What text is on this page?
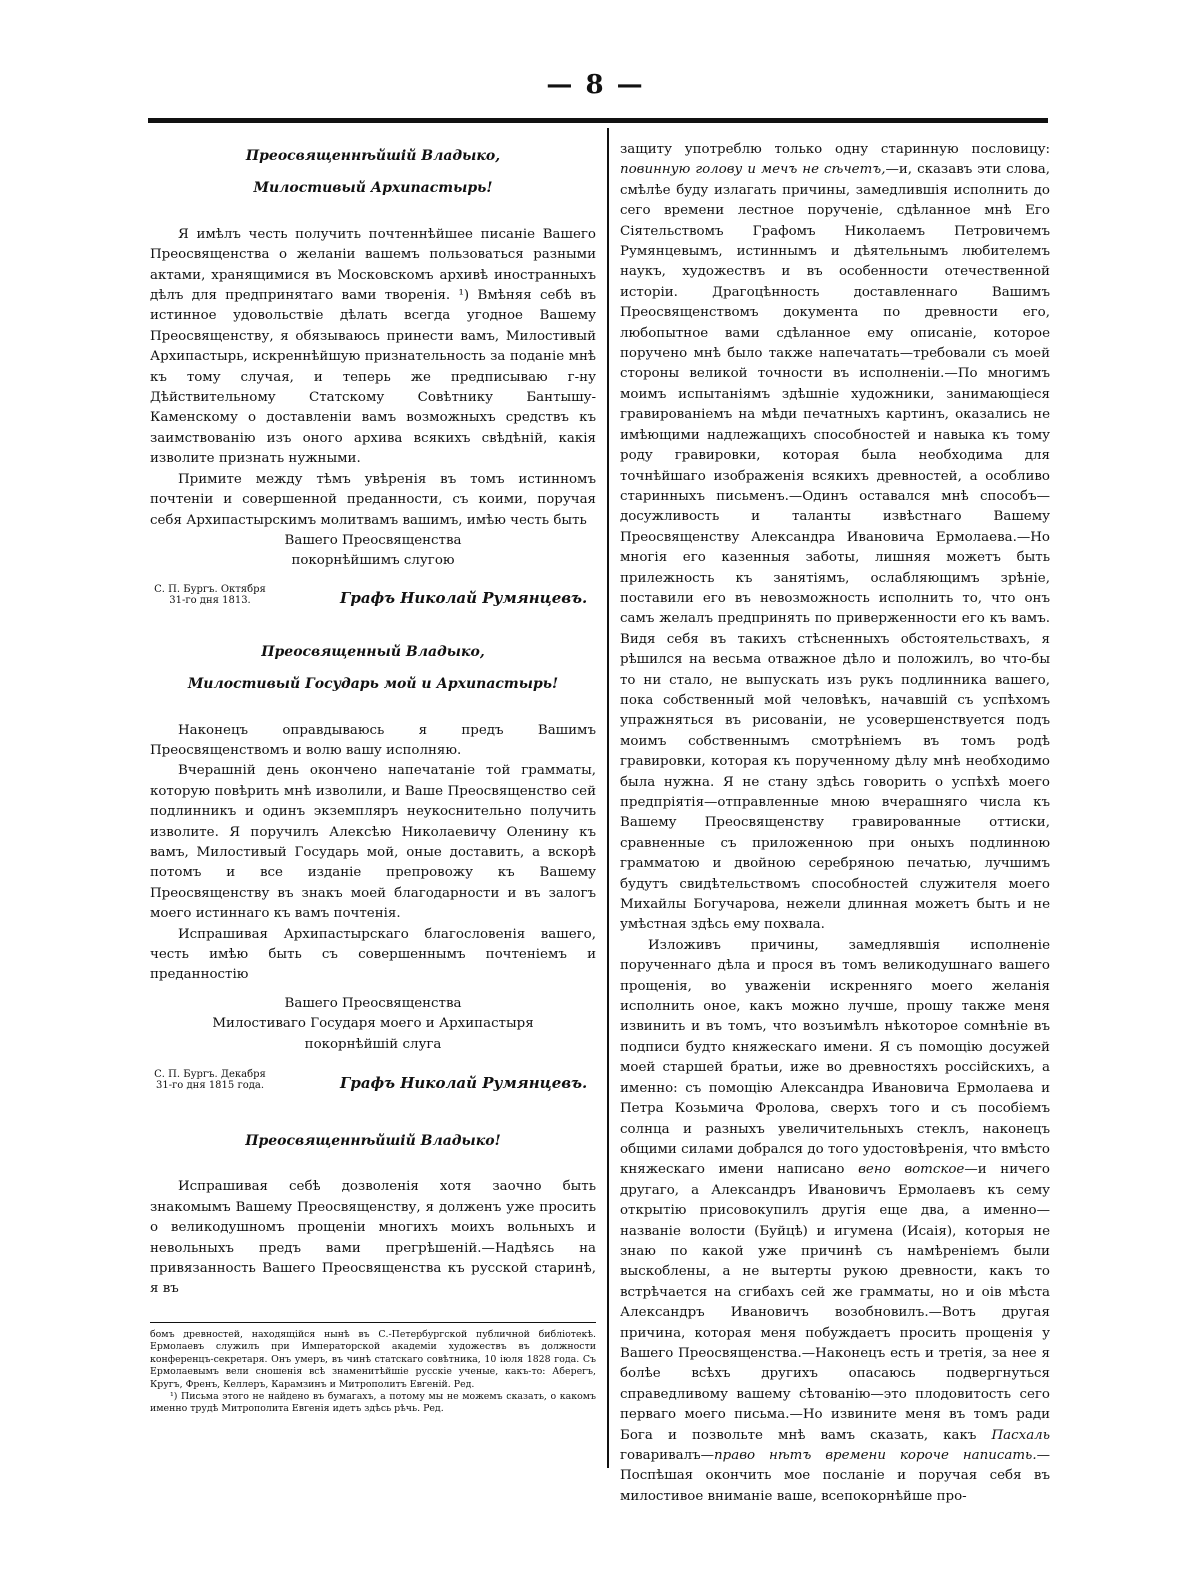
— 8 —
Преосвященнѣйшій Владыко,
Милостивый Архипастырь!

Я имѣлъ честь получить почтеннѣйшее писаніе Вашего Преосвященства о желаніи вашемъ пользоваться разными актами, хранящимися въ Московскомъ архивѣ иностранныхъ дѣлъ для предпринятаго вами творенія. ¹) Вмѣняя себѣ въ истинное удовольствіе дѣлать всегда угодное Вашему Преосвященству, я обязываюсь принести вамъ, Милостивый Архипастырь, искреннѣйшую признательность за поданіе мнѣ къ тому случая, и теперь же предписываю г-ну Дѣйствительному Статскому Совѣтнику Бантышу-Каменскому о доставленіи вамъ возможныхъ средствъ къ заимствованію изъ оного архива всякихъ свѣдѣній, какія изволите признать нужными.

Примите между тѣмъ увѣренія въ томъ истинномъ почтеніи и совершенной преданности, съ коими, поручая себя Архипастырскимъ молитвамъ вашимъ, имѣю честь быть

Вашего Преосвященства
покорнѣйшимъ слугою
С. П. Бургъ. Октября 31-го дня 1813.	Графъ Николай Румянцевъ.
Преосвященный Владыко,
Милостивый Государь мой и Архипастырь!

Наконецъ оправдываюсь я предъ Вашимъ Преосвященствомъ и волю вашу исполняю.

Вчерашній день окончено напечатаніе той грамматы, которую повѣрить мнѣ изволили, и Ваше Преосвященство сей подлинникъ и одинъ экземпляръ неукоснительно получить изволите. Я поручилъ Алексѣю Николаевичу Оленину къ вамъ, Милостивый Государь мой, оные доставить, а вскорѣ потомъ и все изданіе препровожу къ Вашему Преосвященству въ знакъ моей благодарности и въ залогъ моего истиннаго къ вамъ почтенія.

Испрашивая Архипастырскаго благословенія вашего, честь имѣю быть съ совершеннымъ почтеніемъ и преданностію

Вашего Преосвященства
Милостиваго Государя моего и Архипастыря
покорнѣйшій слуга
С. П. Бургъ. Декабря 31-го дня 1815 года.	Графъ Николай Румянцевъ.
Преосвященнѣйшій Владыко!

Испрашивая себѣ дозволенія хотя заочно быть знакомымъ Вашему Преосвященству, я долженъ уже просить о великодушномъ прощеніи многихъ моихъ вольныхъ и невольныхъ предъ вами прегрѣшеній.—Надѣясь на привязанность Вашего Преосвященства къ русской старинѣ, я въ

бомъ древностей, находящійся нынѣ въ С.-Петербургской публичной библіотекѣ. Ермолаевъ служилъ при Императорской академіи художествъ въ должности конференцъ-секретаря. Онъ умеръ, въ чинѣ статскаго совѣтника, 10 іюля 1828 года. Съ Ермолаевымъ вели сношенія всѣ знаменитѣйшіе русскіе ученые, какъ-то: Аберегъ, Кругъ, Френъ, Келлеръ, Карамзинъ и Митрополитъ Евгеній. Ред.

¹) Письма этого не найдено въ бумагахъ, а потому мы не можемъ сказать, о какомъ именно трудѣ Митрополита Евгенія идетъ здѣсь рѣчь. Ред.

защиту употреблю только одну старинную пословицу: повинную голову и мечъ не сѣчетъ,—и, сказавъ эти слова, смѣлѣе буду излагать причины, замедлившія исполнить до сего времени лестное порученіе, сдѣланное мнѣ Его Сіятельствомъ Графомъ Николаемъ Петровичемъ Румянцевымъ, истиннымъ и дѣятельнымъ любителемъ наукъ, художествъ и въ особенности отечественной исторіи. Драгоцѣнность доставленнаго Вашимъ Преосвященствомъ документа по древности его, любопытное вами сдѣланное ему описаніе, которое поручено мнѣ было также напечатать—требовали съ моей стороны великой точности въ исполненіи.—По многимъ моимъ испытаніямъ здѣшніе художники, занимающіеся гравированіемъ на мѣди печатныхъ картинъ, оказались не имѣющими надлежащихъ способностей и навыка къ тому роду гравировки, которая была необходима для точнѣйшаго изображенія всякихъ древностей, а особливо старинныхъ письменъ.—Одинъ оставался мнѣ способъ—досужливость и таланты извѣстнаго Вашему Преосвященству Александра Ивановича Ермолаева.—Но многія его казенныя заботы, лишняя можетъ быть прилежность къ занятіямъ, ослабляющимъ зрѣніе, поставили его въ невозможность исполнить то, что онъ самъ желалъ предпринять по приверженности его къ вамъ. Видя себя въ такихъ стѣсненныхъ обстоятельствахъ, я рѣшился на весьма отважное дѣло и положилъ, во что-бы то ни стало, не выпускать изъ рукъ подлинника вашего, пока собственный мой человѣкъ, начавшій съ успѣхомъ упражняться въ рисованіи, не усовершенствуется подъ моимъ собственнымъ смотрѣніемъ въ томъ родѣ гравировки, которая къ порученному дѣлу мнѣ необходимо была нужна. Я не стану здѣсь говорить о успѣхѣ моего предпріятія—отправленные мною вчерашняго числа къ Вашему Преосвященству гравированные оттиски, сравненные съ приложенною при оныхъ подлинною грамматою и двойною серебряною печатью, лучшимъ будутъ свидѣтельствомъ способностей служителя моего Михайлы Богучарова, нежели длинная можетъ быть и не умѣстная здѣсь ему похвала.

Изложивъ причины, замедлявшія исполненіе порученнаго дѣла и прося въ томъ великодушнаго вашего прощенія, во уваженіи искренняго моего желанія исполнить оное, какъ можно лучше, прошу также меня извинить и въ томъ, что возъимѣлъ нѣкоторое сомнѣніе въ подписи будто княжескаго имени. Я съ помощію досужей моей старшей братьи, иже во древностяхъ россійскихъ, а именно: съ помощію Александра Ивановича Ермолаева и Петра Козьмича Фролова, сверхъ того и съ пособіемъ солнца и разныхъ увеличительныхъ стеклъ, наконецъ общими силами добрался до того удостовѣренія, что вмѣсто княжескаго имени написано вено вотское—и ничего другаго, а Александръ Ивановичъ Ермолаевъ къ сему открытію присовокупилъ другія еще два, а именно—названіе волости (Буйцѣ) и игумена (Исаія), которыя не знаю по какой уже причинѣ съ намѣреніемъ были выскоблены, а не вытерты рукою древности, какъ то встрѣчается на сгибахъ сей же грамматы, но и оів мѣста Александръ Ивановичъ возобновилъ.—Вотъ другая причина, которая меня побуждаетъ просить прощенія у Вашего Преосвященства.—Наконецъ есть и третія, за нее я болѣе всѣхъ другихъ опасаюсь подвергнуться справедливому вашему сѣтованію—это плодовитость сего перваго моего письма.—Но извините меня въ томъ ради Бога и позвольте мнѣ вамъ сказать, какъ Пасхаль говаривалъ—право нѣтъ времени короче написать.—Поспѣшая окончить мое посланіе и поручая себя въ милостивое вниманіе ваше, всепокорнѣйше про-
